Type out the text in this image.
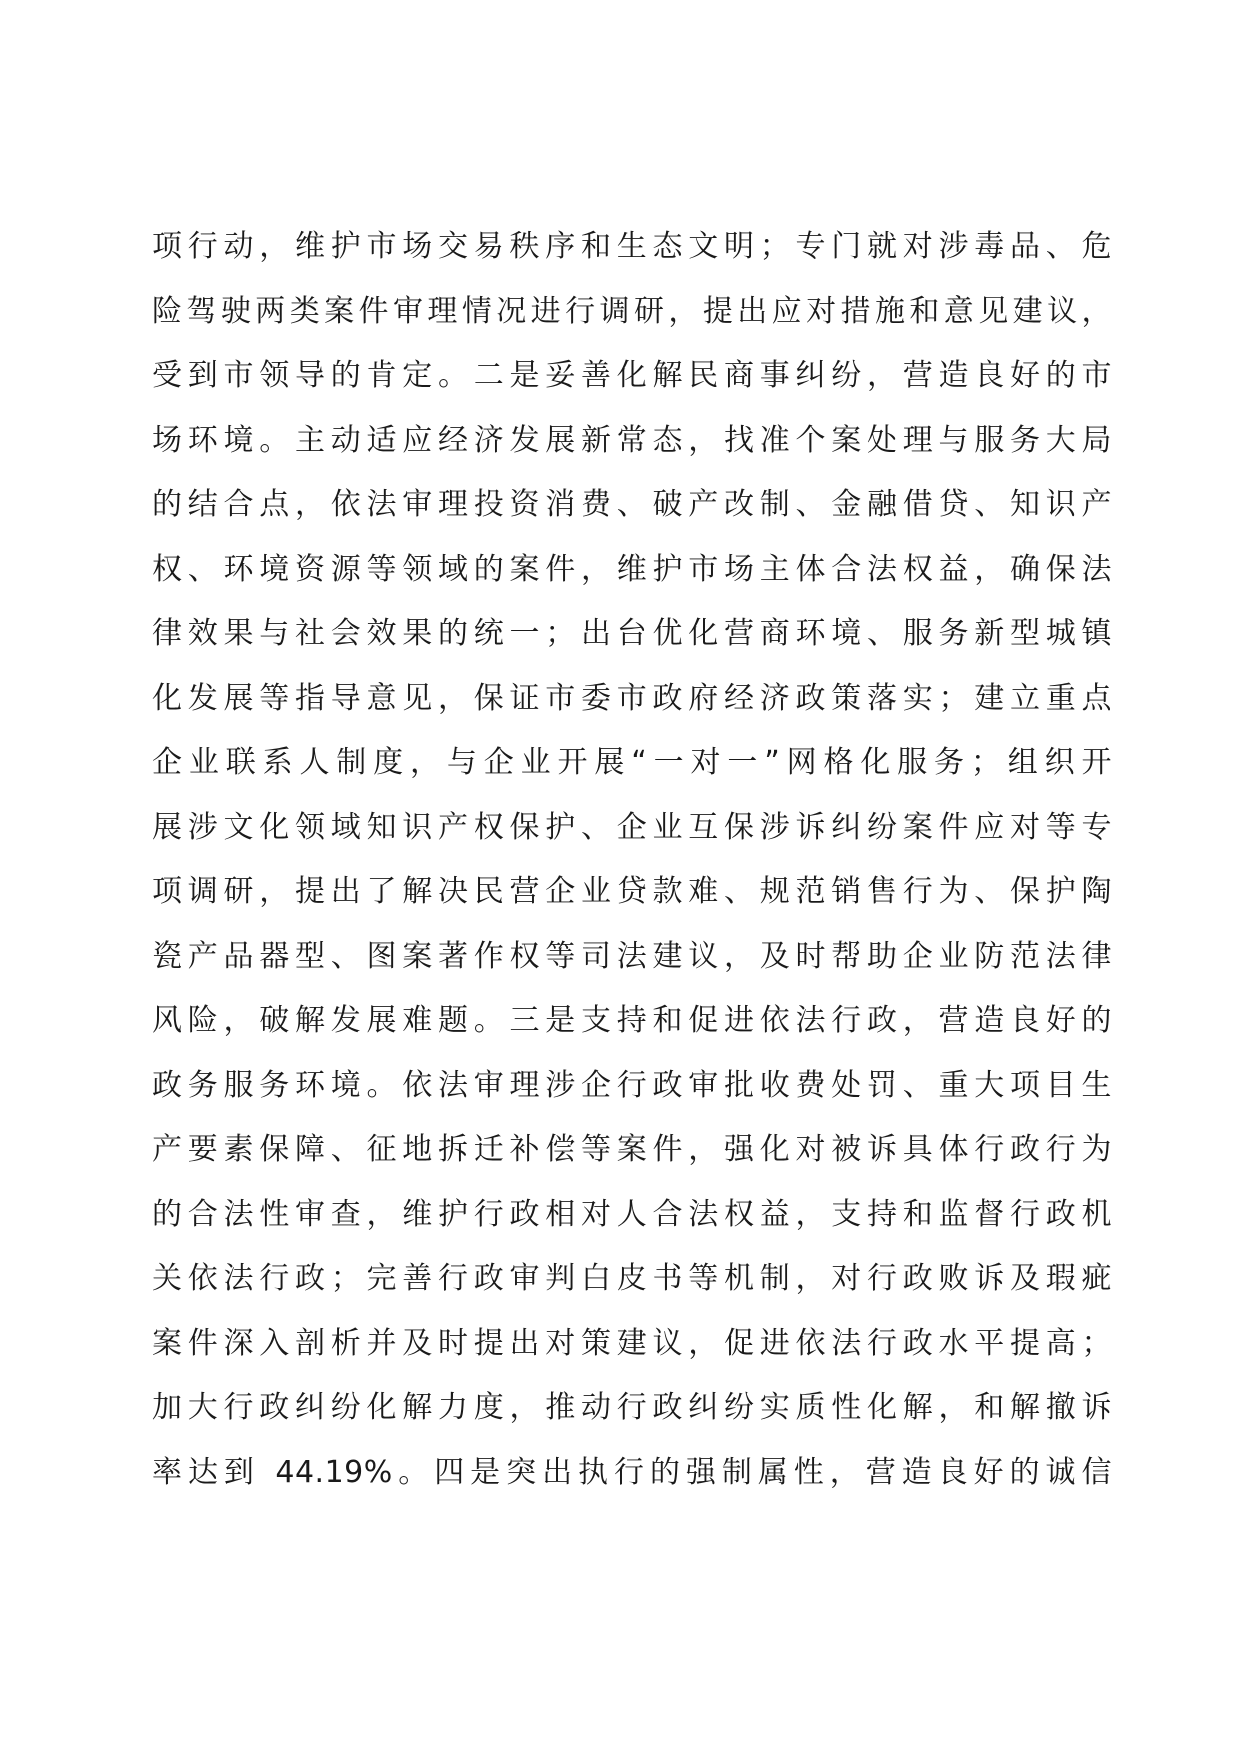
项行动，维护市场交易秩序和生态文明；专门就对涉毒品、危
险驾驶两类案件审理情况进行调研，提出应对措施和意见建议，
受到市领导的肯定。二是妥善化解民商事纠纷，营造良好的市
场环境。主动适应经济发展新常态，找准个案处理与服务大局
的结合点，依法审理投资消费、破产改制、金融借贷、知识产
权、环境资源等领域的案件，维护市场主体合法权益，确保法
律效果与社会效果的统一；出台优化营商环境、服务新型城镇
化发展等指导意见，保证市委市政府经济政策落实；建立重点
企业联系人制度，与企业开展“一对一”网格化服务；组织开
展涉文化领域知识产权保护、企业互保涉诉纠纷案件应对等专
项调研，提出了解决民营企业贷款难、规范销售行为、保护陶
瓷产品器型、图案著作权等司法建议，及时帮助企业防范法律
风险，破解发展难题。三是支持和促进依法行政，营造良好的
政务服务环境。依法审理涉企行政审批收费处罚、重大项目生
产要素保障、征地拆迁补偿等案件，强化对被诉具体行政行为
的合法性审查，维护行政相对人合法权益，支持和监督行政机
关依法行政；完善行政审判白皮书等机制，对行政败诉及瑕疵
案件深入剖析并及时提出对策建议，促进依法行政水平提高；
加大行政纠纷化解力度，推动行政纠纷实质性化解，和解撤诉
率达到 44.19%。四是突出执行的强制属性，营造良好的诚信
